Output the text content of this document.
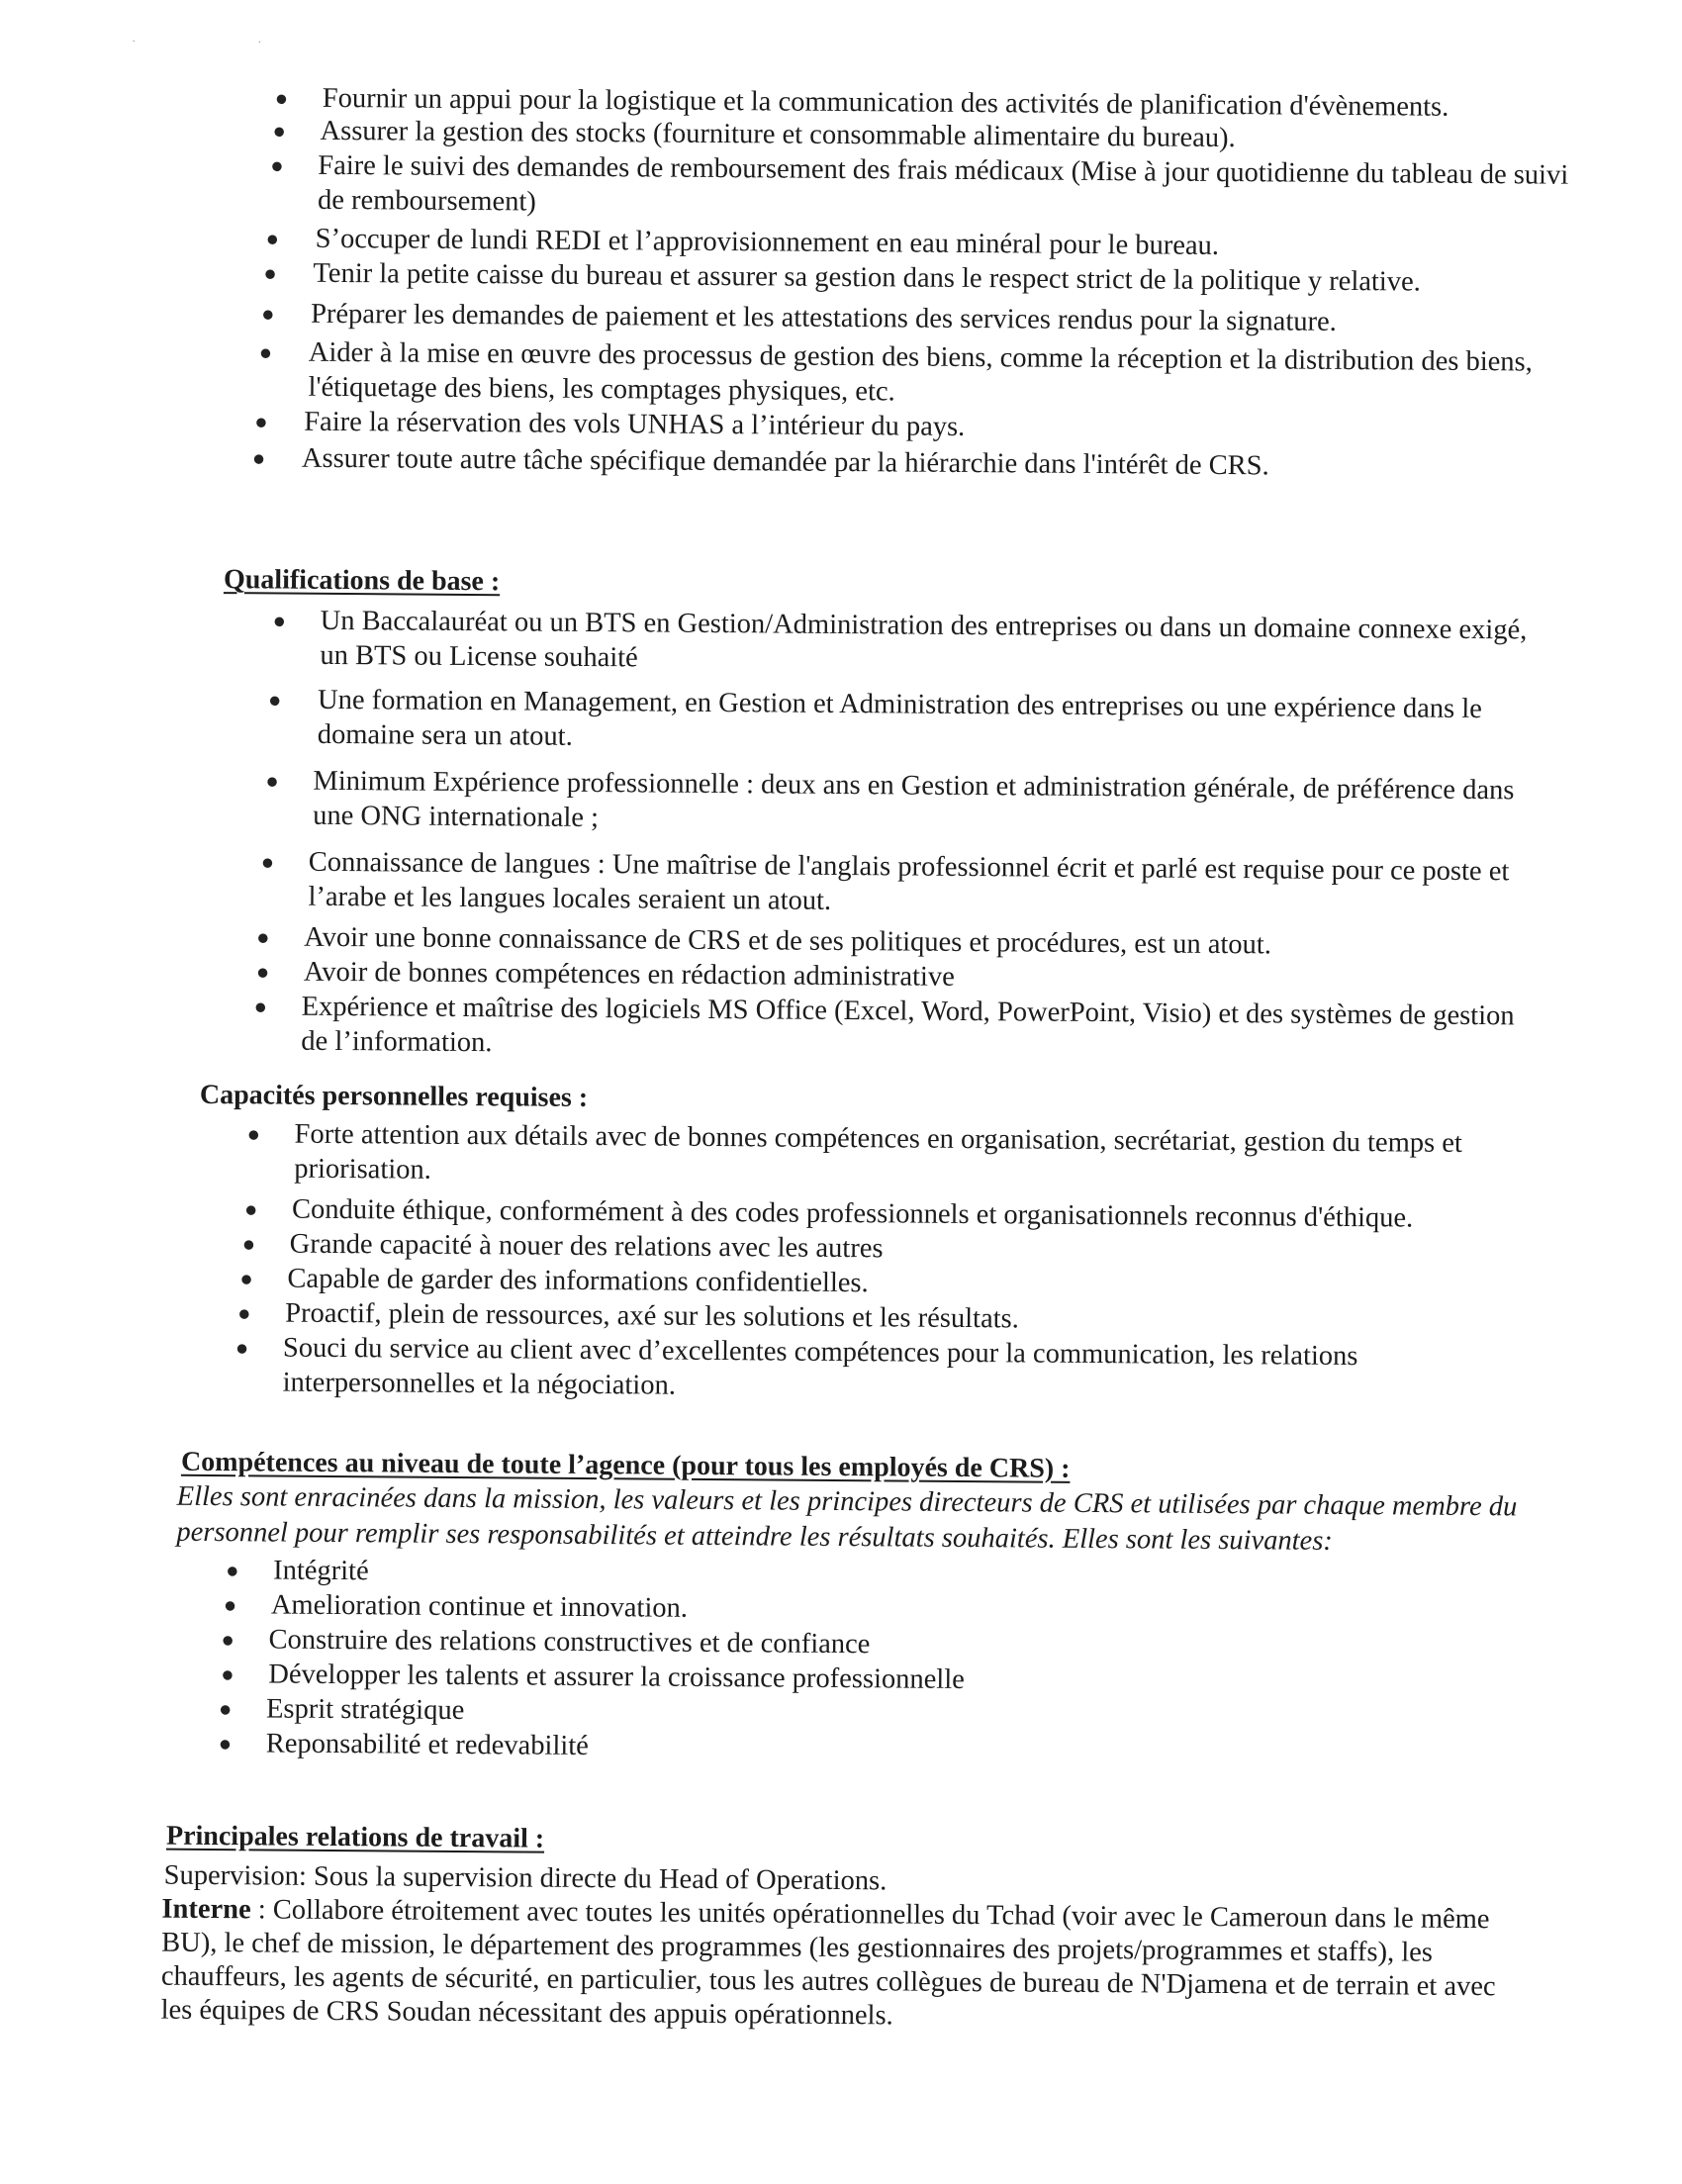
· ·
● Fournir un appui pour la logistique et la communication des activités de planification d'évènements.
● Assurer la gestion des stocks (fourniture et consommable alimentaire du bureau).
● Faire le suivi des demandes de remboursement des frais médicaux (Mise à jour quotidienne du tableau de suivi de remboursement)
● S’occuper de lundi REDI et l’approvisionnement en eau minéral pour le bureau.
● Tenir la petite caisse du bureau et assurer sa gestion dans le respect strict de la politique y relative.
● Préparer les demandes de paiement et les attestations des services rendus pour la signature.
● Aider à la mise en œuvre des processus de gestion des biens, comme la réception et la distribution des biens, l'étiquetage des biens, les comptages physiques, etc.
● Faire la réservation des vols UNHAS a l’intérieur du pays.
● Assurer toute autre tâche spécifique demandée par la hiérarchie dans l'intérêt de CRS.
Qualifications de base :
● Un Baccalauréat ou un BTS en Gestion/Administration des entreprises ou dans un domaine connexe exigé, un BTS ou License souhaité
● Une formation en Management, en Gestion et Administration des entreprises ou une expérience dans le domaine sera un atout.
● Minimum Expérience professionnelle : deux ans en Gestion et administration générale, de préférence dans une ONG internationale ;
● Connaissance de langues : Une maîtrise de l'anglais professionnel écrit et parlé est requise pour ce poste et l’arabe et les langues locales seraient un atout.
● Avoir une bonne connaissance de CRS et de ses politiques et procédures, est un atout.
● Avoir de bonnes compétences en rédaction administrative
● Expérience et maîtrise des logiciels MS Office (Excel, Word, PowerPoint, Visio) et des systèmes de gestion de l’information.
Capacités personnelles requises :
● Forte attention aux détails avec de bonnes compétences en organisation, secrétariat, gestion du temps et priorisation.
● Conduite éthique, conformément à des codes professionnels et organisationnels reconnus d'éthique.
● Grande capacité à nouer des relations avec les autres
● Capable de garder des informations confidentielles.
● Proactif, plein de ressources, axé sur les solutions et les résultats.
● Souci du service au client avec d’excellentes compétences pour la communication, les relations interpersonnelles et la négociation.
Compétences au niveau de toute l’agence (pour tous les employés de CRS) :
Elles sont enracinées dans la mission, les valeurs et les principes directeurs de CRS et utilisées par chaque membre du personnel pour remplir ses responsabilités et atteindre les résultats souhaités. Elles sont les suivantes:
● Intégrité
● Amelioration continue et innovation.
● Construire des relations constructives et de confiance
● Développer les talents et assurer la croissance professionnelle
● Esprit stratégique
● Reponsabilité et redevabilité
Principales relations de travail :
Supervision: Sous la supervision directe du Head of Operations.
Interne : Collabore étroitement avec toutes les unités opérationnelles du Tchad (voir avec le Cameroun dans le même BU), le chef de mission, le département des programmes (les gestionnaires des projets/programmes et staffs), les chauffeurs, les agents de sécurité, en particulier, tous les autres collègues de bureau de N'Djamena et de terrain et avec les équipes de CRS Soudan nécessitant des appuis opérationnels.
